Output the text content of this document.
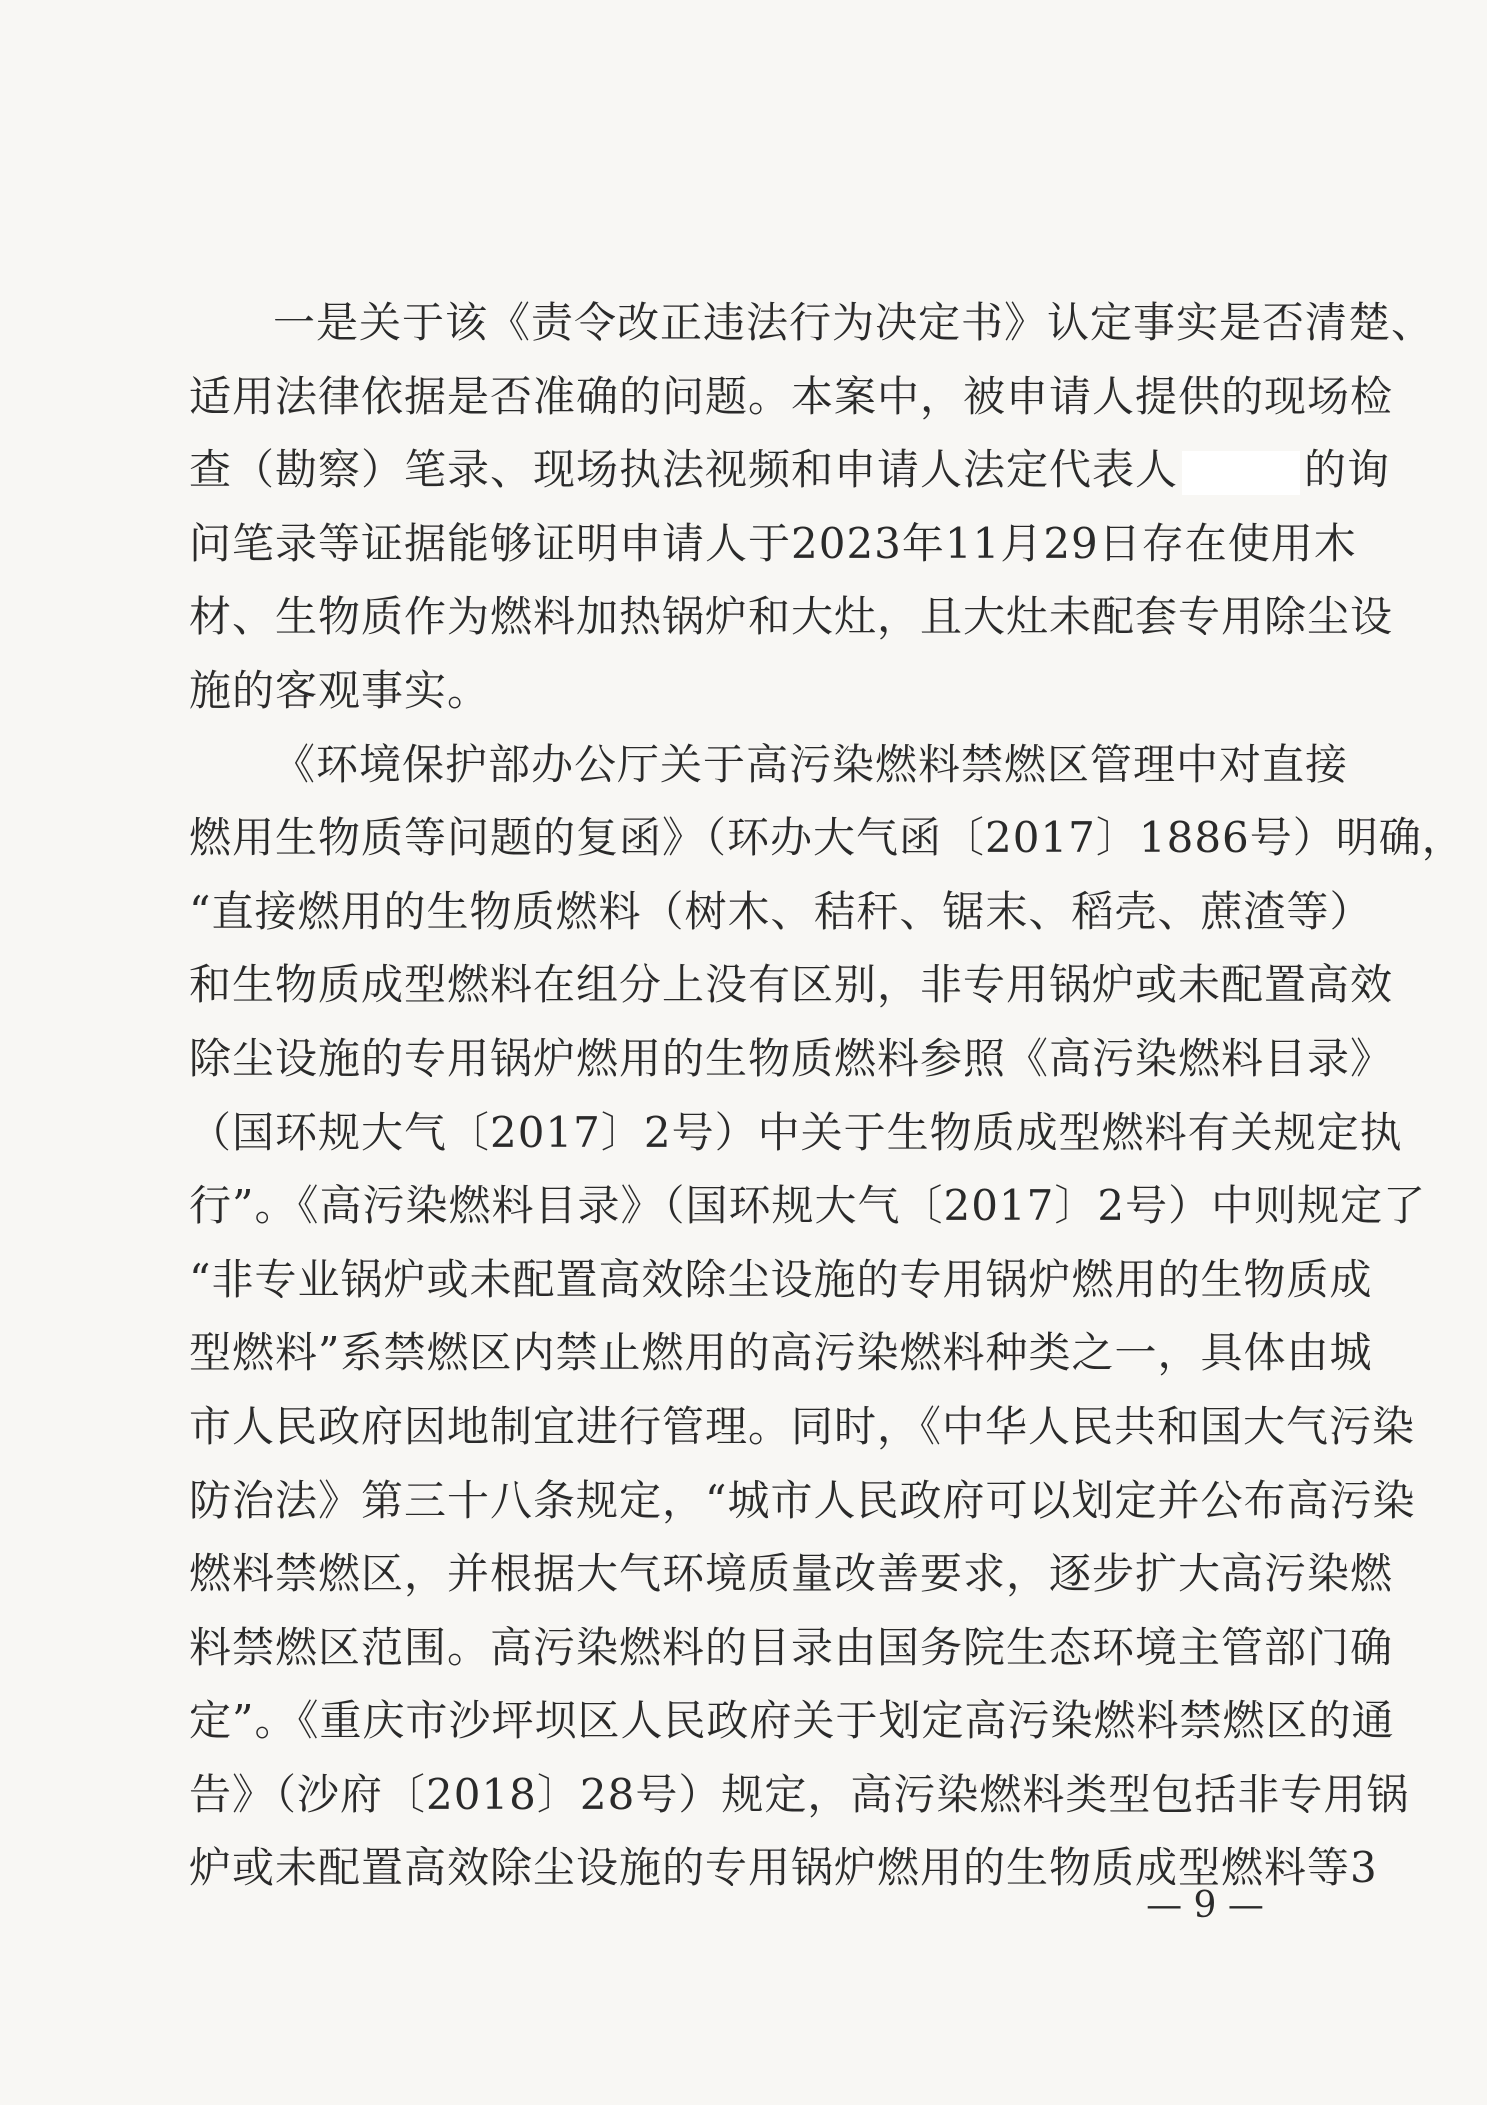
一是关于该《责令改正违法行为决定书》认定事实是否清楚、
适用法律依据是否准确的问题。本案中，被申请人提供的现场检
查（勘察）笔录、现场执法视频和申请人法定代表人	的询
问笔录等证据能够证明申请人于2023年11月29日存在使用木
材、生物质作为燃料加热锅炉和大灶，且大灶未配套专用除尘设
施的客观事实。
《环境保护部办公厅关于高污染燃料禁燃区管理中对直接
燃用生物质等问题的复函》（环办大气函〔2017〕1886号）明确，
“直接燃用的生物质燃料（树木、秸秆、锯末、稻壳、蔗渣等）
和生物质成型燃料在组分上没有区别，非专用锅炉或未配置高效
除尘设施的专用锅炉燃用的生物质燃料参照《高污染燃料目录》
（国环规大气〔2017〕2号）中关于生物质成型燃料有关规定执
行”。《高污染燃料目录》（国环规大气〔2017〕2号）中则规定了
“非专业锅炉或未配置高效除尘设施的专用锅炉燃用的生物质成
型燃料”系禁燃区内禁止燃用的高污染燃料种类之一，具体由城
市人民政府因地制宜进行管理。同时，《中华人民共和国大气污染
防治法》第三十八条规定，“城市人民政府可以划定并公布高污染
燃料禁燃区，并根据大气环境质量改善要求，逐步扩大高污染燃
料禁燃区范围。高污染燃料的目录由国务院生态环境主管部门确
定”。《重庆市沙坪坝区人民政府关于划定高污染燃料禁燃区的通
告》（沙府〔2018〕28号）规定，高污染燃料类型包括非专用锅
炉或未配置高效除尘设施的专用锅炉燃用的生物质成型燃料等3
— 9 —
